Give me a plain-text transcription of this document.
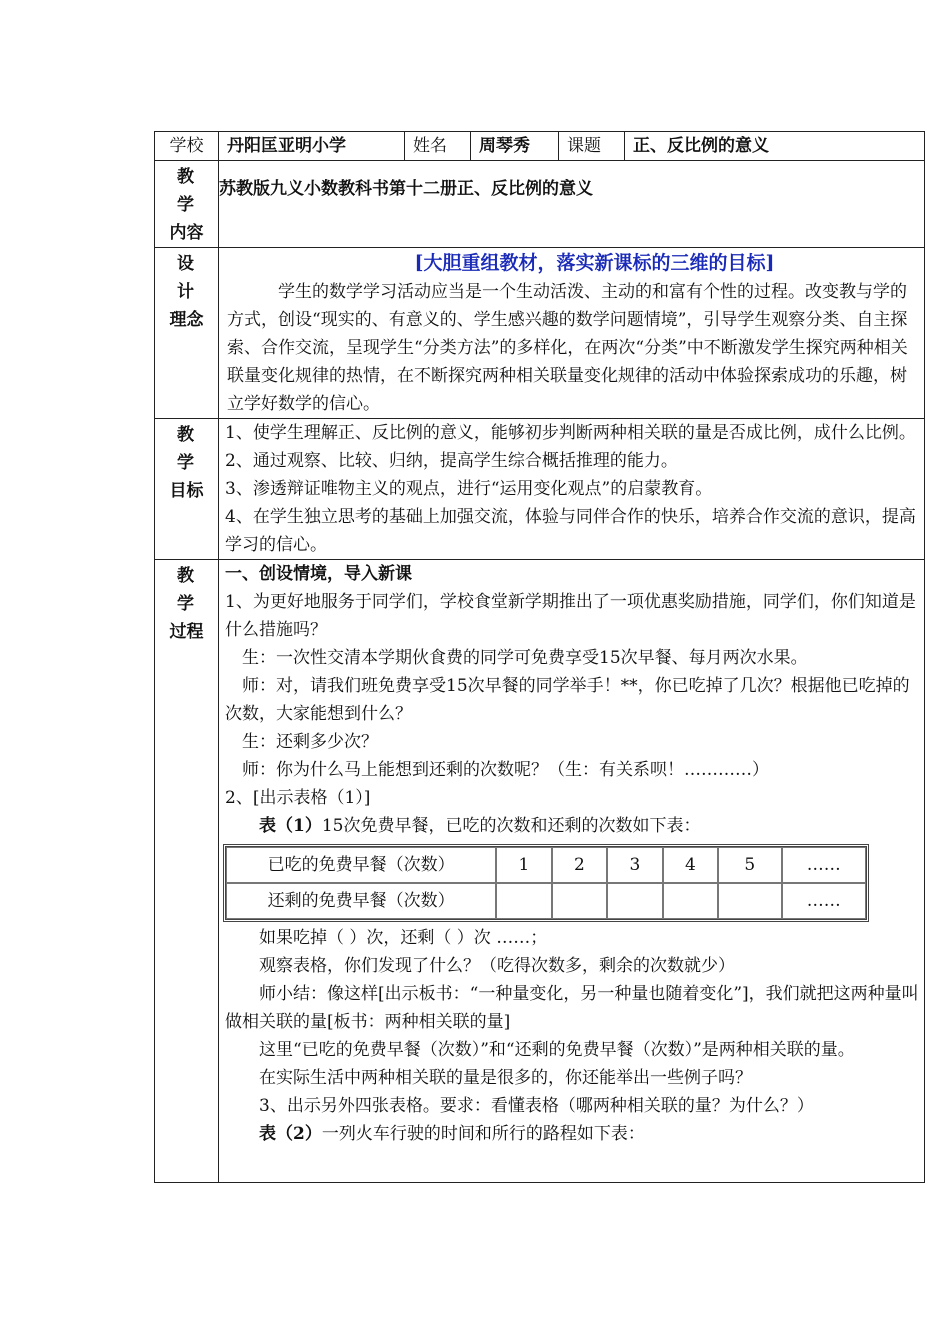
学校	丹阳匡亚明小学	姓名	周琴秀	课题	正、反比例的意义

教 学
内容
	苏教版九义小数教科书第十二册正、反比例的意义

设 计
理念

[大胆重组教材，落实新课标的三维的目标]

学生的数学学习活动应当是一个生动活泼、主动的和富有个性的过程。改变教与学的方式，创设“现实的、有意义的、学生感兴趣的数学问题情境”，引导学生观察分类、自主探索、合作交流，呈现学生“分类方法”的多样化，在两次“分类”中不断激发学生探究两种相关联量变化规律的热情，在不断探究两种相关联量变化规律的活动中体验探索成功的乐趣，树立学好数学的信心。

教 学
目标

1、使学生理解正、反比例的意义，能够初步判断两种相关联的量是否成比例，成什么比例。

2、通过观察、比较、归纳，提高学生综合概括推理的能力。

3、渗透辩证唯物主义的观点，进行“运用变化观点”的启蒙教育。

4、在学生独立思考的基础上加强交流，体验与同伴合作的快乐，培养合作交流的意识，提高学习的信心。

教 学
过程

一、创设情境，导入新课

1、为更好地服务于同学们，学校食堂新学期推出了一项优惠奖励措施，同学们，你们知道是什么措施吗？

生：一次性交清本学期伙食费的同学可免费享受15次早餐、每月两次水果。

师：对，请我们班免费享受15次早餐的同学举手！**，你已吃掉了几次？根据他已吃掉的次数，大家能想到什么？

生：还剩多少次？

师：你为什么马上能想到还剩的次数呢？（生：有关系呗！…………）

2、[出示表格（1）]

表（1）15次免费早餐，已吃的次数和还剩的次数如下表：

已吃的免费早餐（次数）	1	2	3	4	5	……
还剩的免费早餐（次数）						……

如果吃掉（ ）次，还剩（ ）次 ……；

观察表格，你们发现了什么？（吃得次数多，剩余的次数就少）

师小结：像这样[出示板书：“一种量变化，另一种量也随着变化”]，我们就把这两种量叫做相关联的量[板书：两种相关联的量]

这里“已吃的免费早餐（次数）”和“还剩的免费早餐（次数）”是两种相关联的量。

在实际生活中两种相关联的量是很多的，你还能举出一些例子吗？

3、出示另外四张表格。要求：看懂表格（哪两种相关联的量？为什么？）

表（2）一列火车行驶的时间和所行的路程如下表：
